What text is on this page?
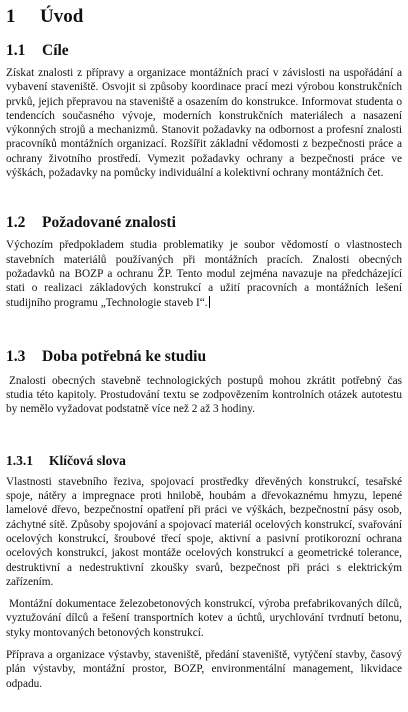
1 Úvod
1.1 Cíle

Získat znalosti z přípravy a organizace montážních prací v závislosti na uspořádání a vybavení staveniště. Osvojit si způsoby koordinace prací mezi výrobou konstrukčních prvků, jejich přepravou na staveniště a osazením do konstrukce. Informovat studenta o tendencích současného vývoje, moderních konstrukčních materiálech a nasazení výkonných strojů a mechanizmů. Stanovit požadavky na odbornost a profesní znalosti pracovníků montážních organizací. Rozšířit základní vědomosti z bezpečnosti práce a ochrany životního prostředí. Vymezit požadavky ochrany a bezpečnosti práce ve výškách, požadavky na pomůcky individuální a kolektivní ochrany montážních čet.

1.2 Požadované znalosti

Výchozím předpokladem studia problematiky je soubor vědomostí o vlastnostech stavebních materiálů používaných při montážních pracích. Znalosti obecných požadavků na BOZP a ochranu ŽP. Tento modul zejména navazuje na předcházející stati o realizaci základových konstrukcí a užití pracovních a montážních lešení studijního programu „Technologie staveb I“.

1.3 Doba potřebná ke studiu

Znalosti obecných stavebně technologických postupů mohou zkrátit potřebný čas studia této kapitoly. Prostudování textu se zodpovězením kontrolních otázek autotestu by nemělo vyžadovat podstatně více než 2 až 3 hodiny.

1.3.1 Klíčová slova

Vlastnosti stavebního řeziva, spojovací prostředky dřevěných konstrukcí, tesařské spoje, nátěry a impregnace proti hnilobě, houbám a dřevokaznému hmyzu, lepené lamelové dřevo, bezpečnostní opatření při práci ve výškách, bezpečnostní pásy osob, záchytné sítě. Způsoby spojování a spojovací materiál ocelových konstrukcí, svařování ocelových konstrukcí, šroubové třecí spoje, aktivní a pasivní protikorozní ochrana ocelových konstrukcí, jakost montáže ocelových konstrukcí a geometrické tolerance, destruktivní a nedestruktivní zkoušky svarů, bezpečnost při práci s elektrickým zařízením.

Montážní dokumentace železobetonových konstrukcí, výroba prefabrikovaných dílců, vyztužování dílců a řešení transportních kotev a úchtů, urychlování tvrdnutí betonu, styky montovaných betonových konstrukcí.

Příprava a organizace výstavby, staveniště, předání staveniště, vytýčení stavby, časový plán výstavby, montážní prostor, BOZP, environmentální management, likvidace odpadu.
